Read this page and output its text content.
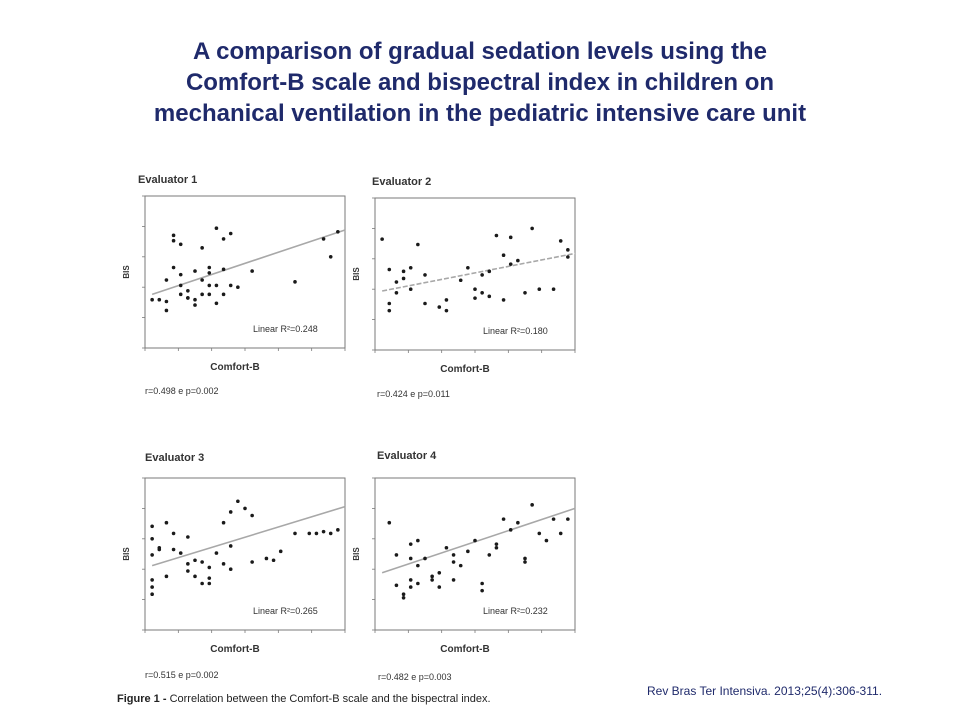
A comparison of gradual sedation levels using the
Comfort-B scale and bispectral index in children on
mechanical ventilation in the pediatric intensive care unit
Evaluator 1
Linear R²=0.248
BIS
Comfort-B
r=0.498 e p=0.002
Evaluator 2
Linear R²=0.180
BIS
Comfort-B
r=0.424 e p=0.011
Evaluator 3
Linear R²=0.265
BIS
Comfort-B
r=0.515 e p=0.002
Evaluator 4
Linear R²=0.232
BIS
Comfort-B
r=0.482 e p=0.003
Figure 1 - Correlation between the Comfort-B scale and the bispectral index.
Rev Bras Ter Intensiva. 2013;25(4):306-311.
